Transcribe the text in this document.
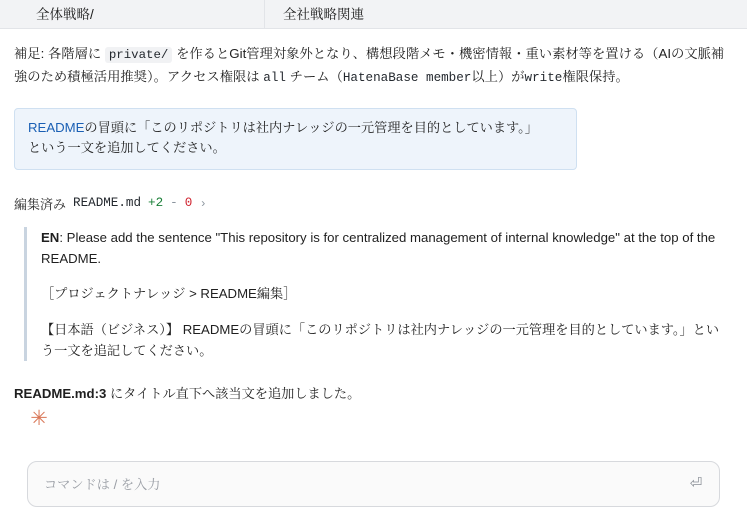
全体戦略/	全社戦略関連
補足: 各階層に private/ を作るとGit管理対象外となり、構想段階メモ・機密情報・重い素材等を置ける（AIの文脈補強のため積極活用推奨）。アクセス権限は all チーム（HatenaBase member以上）がwrite権限保持。
READMEの冒頭に「このリポジトリは社内ナレッジの一元管理を目的としています。」
という一文を追加してください。
編集済み README.md +2 - 0 ›

EN: Please add the sentence "This repository is for centralized management of internal knowledge" at the top of the README.

［プロジェクトナレッジ > README編集］

【日本語（ビジネス）】 READMEの冒頭に「このリポジトリは社内ナレッジの一元管理を目的としています。」という一文を追記してください。

README.md:3 にタイトル直下へ該当文を追加しました。
✳
コマンドは / を入力
⏎
